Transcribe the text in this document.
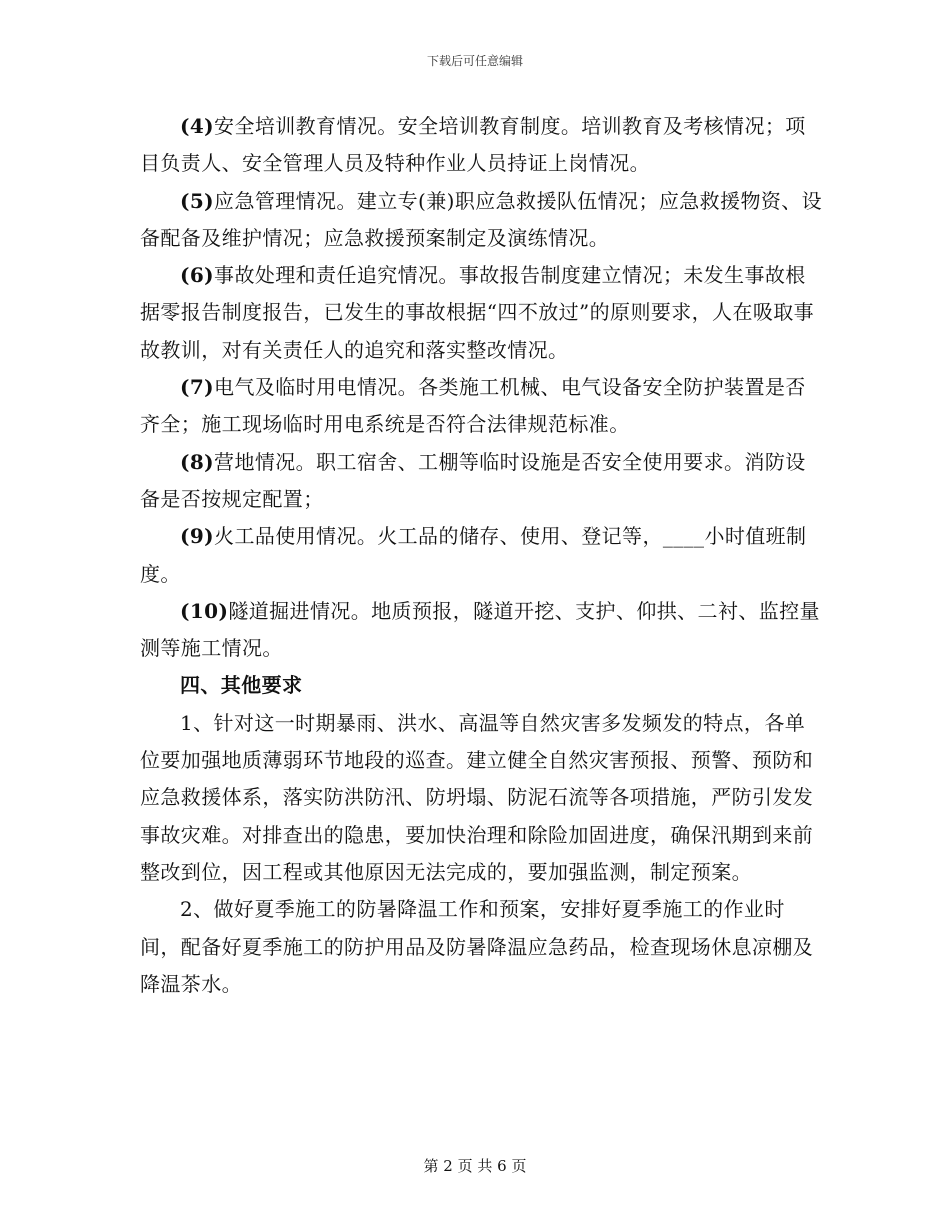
下载后可任意编辑

(4)安全培训教育情况。安全培训教育制度。培训教育及考核情况；项目负责人、安全管理人员及特种作业人员持证上岗情况。

(5)应急管理情况。建立专(兼)职应急救援队伍情况；应急救援物资、设备配备及维护情况；应急救援预案制定及演练情况。

(6)事故处理和责任追究情况。事故报告制度建立情况；未发生事故根据零报告制度报告，已发生的事故根据“四不放过”的原则要求，人在吸取事故教训，对有关责任人的追究和落实整改情况。

(7)电气及临时用电情况。各类施工机械、电气设备安全防护装置是否齐全；施工现场临时用电系统是否符合法律规范标准。

(8)营地情况。职工宿舍、工棚等临时设施是否安全使用要求。消防设备是否按规定配置；

(9)火工品使用情况。火工品的储存、使用、登记等，____小时值班制度。

(10)隧道掘进情况。地质预报，隧道开挖、支护、仰拱、二衬、监控量测等施工情况。

四、其他要求

1、针对这一时期暴雨、洪水、高温等自然灾害多发频发的特点，各单位要加强地质薄弱环节地段的巡查。建立健全自然灾害预报、预警、预防和应急救援体系，落实防洪防汛、防坍塌、防泥石流等各项措施，严防引发发事故灾难。对排查出的隐患，要加快治理和除险加固进度，确保汛期到来前整改到位，因工程或其他原因无法完成的，要加强监测，制定预案。

2、做好夏季施工的防暑降温工作和预案，安排好夏季施工的作业时间，配备好夏季施工的防护用品及防暑降温应急药品，检查现场休息凉棚及降温茶水。

第 2 页 共 6 页
